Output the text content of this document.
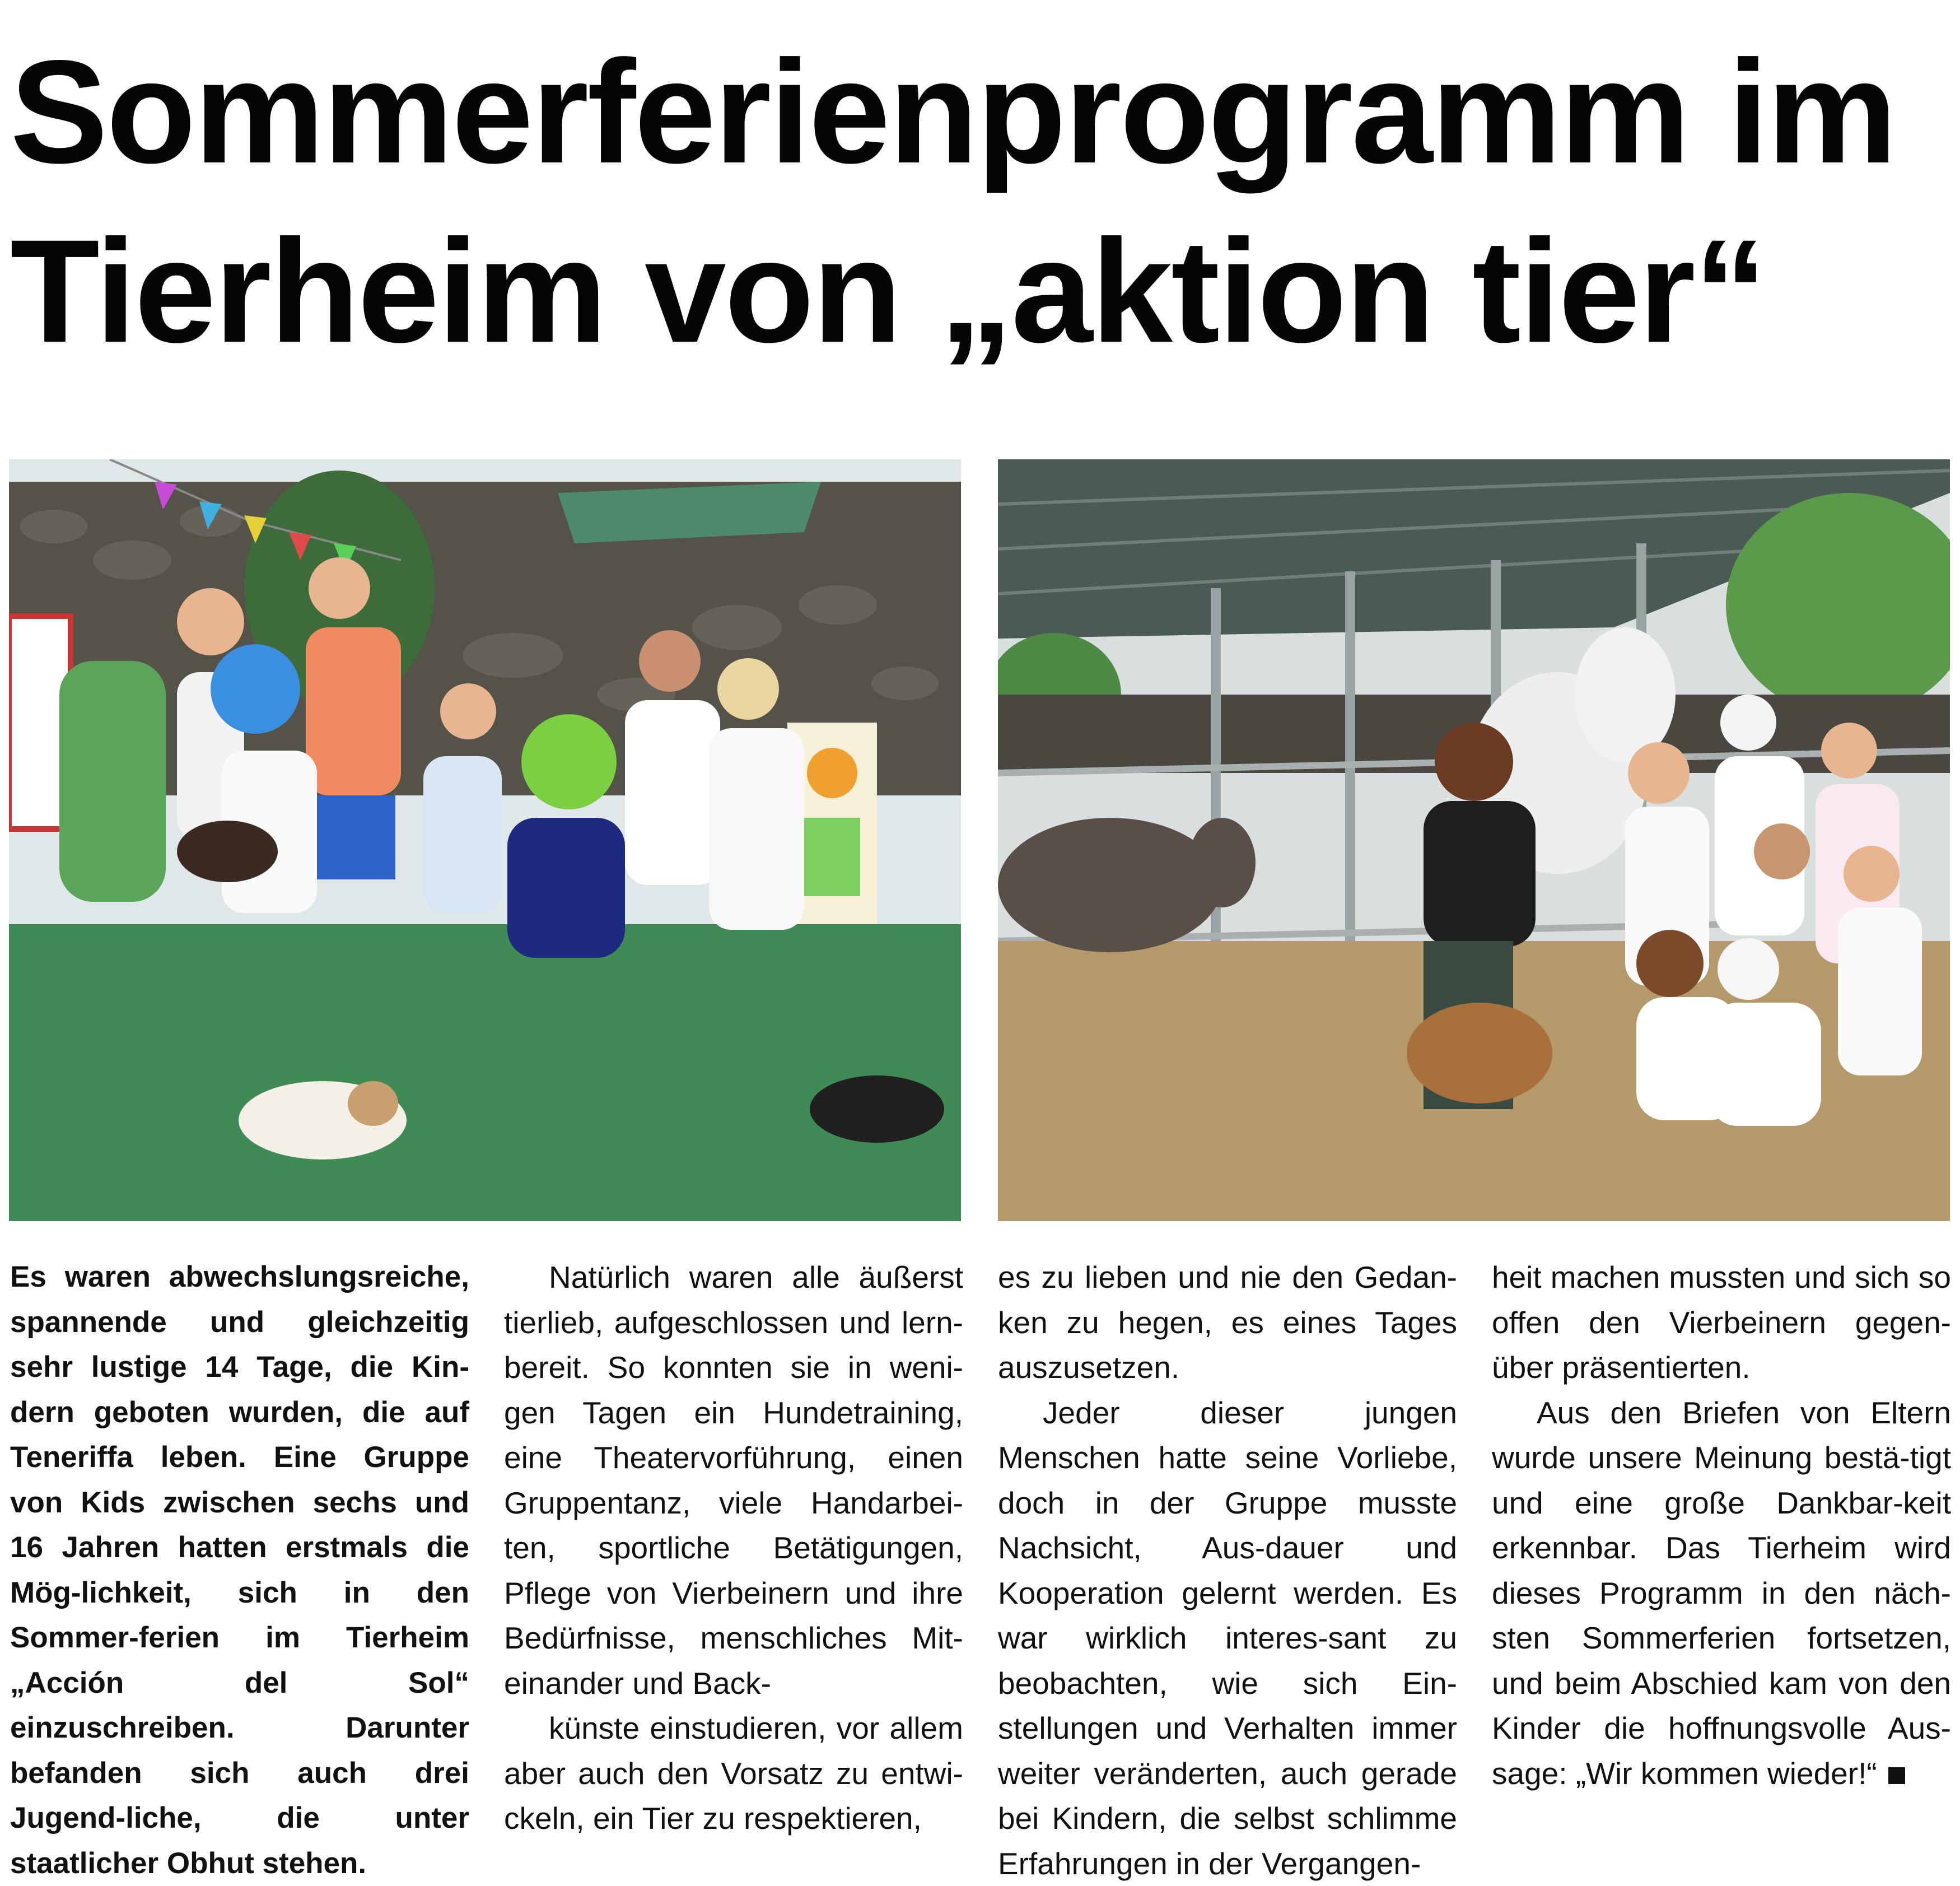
Sommerferienprogramm im
Tierheim von „aktion tier“

Es waren abwechslungsreiche, spannende und gleichzeitig sehr lustige 14 Tage, die Kin-dern geboten wurden, die auf Teneriffa leben. Eine Gruppe von Kids zwischen sechs und 16 Jahren hatten erstmals die Mög-lichkeit, sich in den Sommer-ferien im Tierheim „Acción del Sol“ einzuschreiben. Darunter befanden sich auch drei Jugend-liche, die unter staatlicher Obhut stehen.

Natürlich waren alle äußerst tierlieb, aufgeschlossen und lern-bereit. So konnten sie in weni-gen Tagen ein Hundetraining, eine Theatervorführung, einen Gruppentanz, viele Handarbei-ten, sportliche Betätigungen, Pflege von Vierbeinern und ihre Bedürfnisse, menschliches Mit-einander und Back-

künste einstudieren, vor allem aber auch den Vorsatz zu entwi-ckeln, ein Tier zu respektieren,

es zu lieben und nie den Gedan-ken zu hegen, es eines Tages auszusetzen.

Jeder dieser jungen Menschen hatte seine Vorliebe, doch in der Gruppe musste Nachsicht, Aus-dauer und Kooperation gelernt werden. Es war wirklich interes-sant zu beobachten, wie sich Ein-stellungen und Verhalten immer weiter veränderten, auch gerade bei Kindern, die selbst schlimme Erfahrungen in der Vergangen-

heit machen mussten und sich so offen den Vierbeinern gegen-über präsentierten.

Aus den Briefen von Eltern wurde unsere Meinung bestä-tigt und eine große Dankbar-keit erkennbar. Das Tierheim wird dieses Programm in den näch-sten Sommerferien fortsetzen, und beim Abschied kam von den Kinder die hoffnungsvolle Aus-sage: „Wir kommen wieder!“
